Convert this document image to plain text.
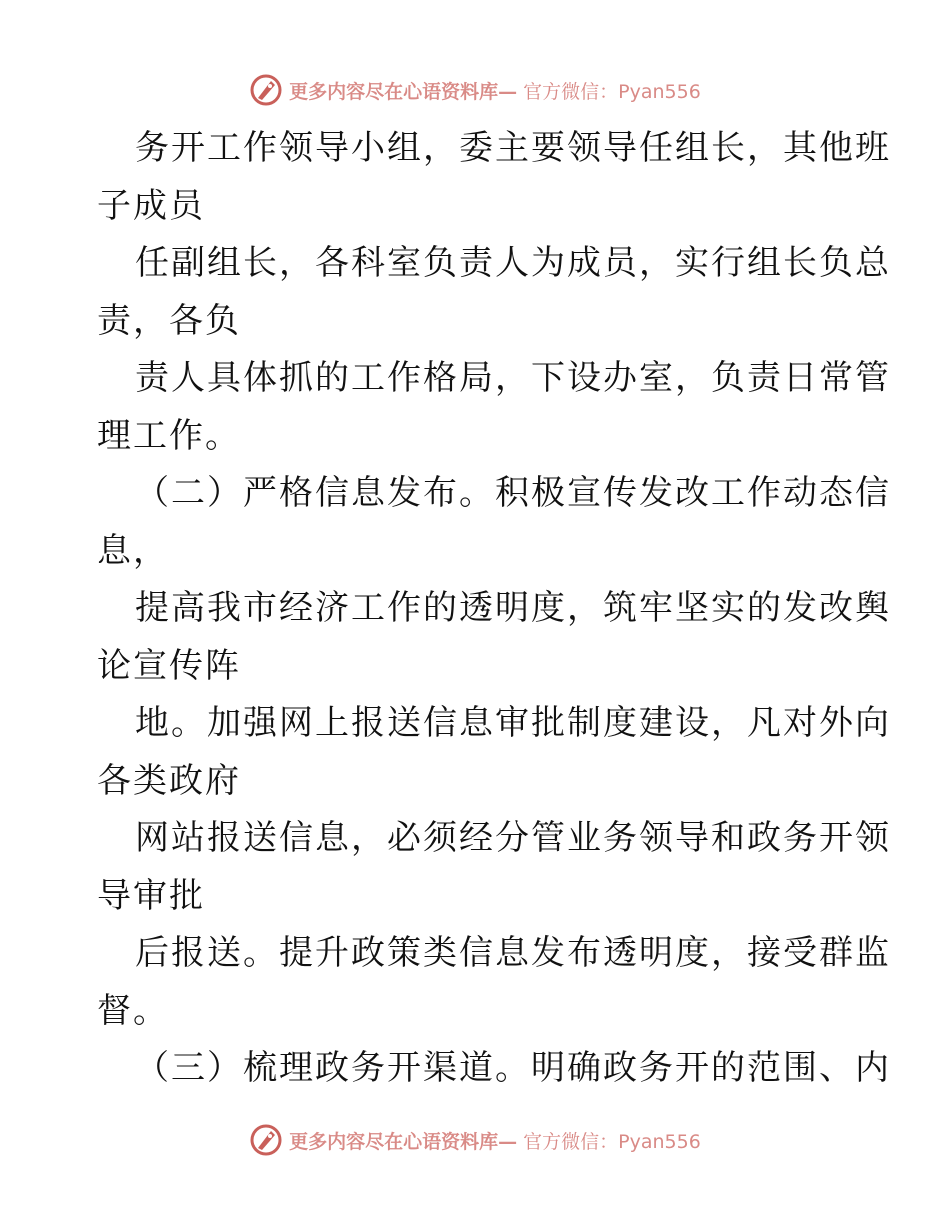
更多内容尽在心语资料库— 官方微信：Pyan556
务开工作领导小组，委主要领导任组长，其他班
子成员
任副组长，各科室负责人为成员，实行组长负总
责，各负
责人具体抓的工作格局，下设办室，负责日常管
理工作。
（二）严格信息发布。积极宣传发改工作动态信
息，
提高我市经济工作的透明度，筑牢坚实的发改舆
论宣传阵
地。加强网上报送信息审批制度建设，凡对外向
各类政府
网站报送信息，必须经分管业务领导和政务开领
导审批
后报送。提升政策类信息发布透明度，接受群监
督。
（三）梳理政务开渠道。明确政务开的范围、内
更多内容尽在心语资料库— 官方微信：Pyan556
